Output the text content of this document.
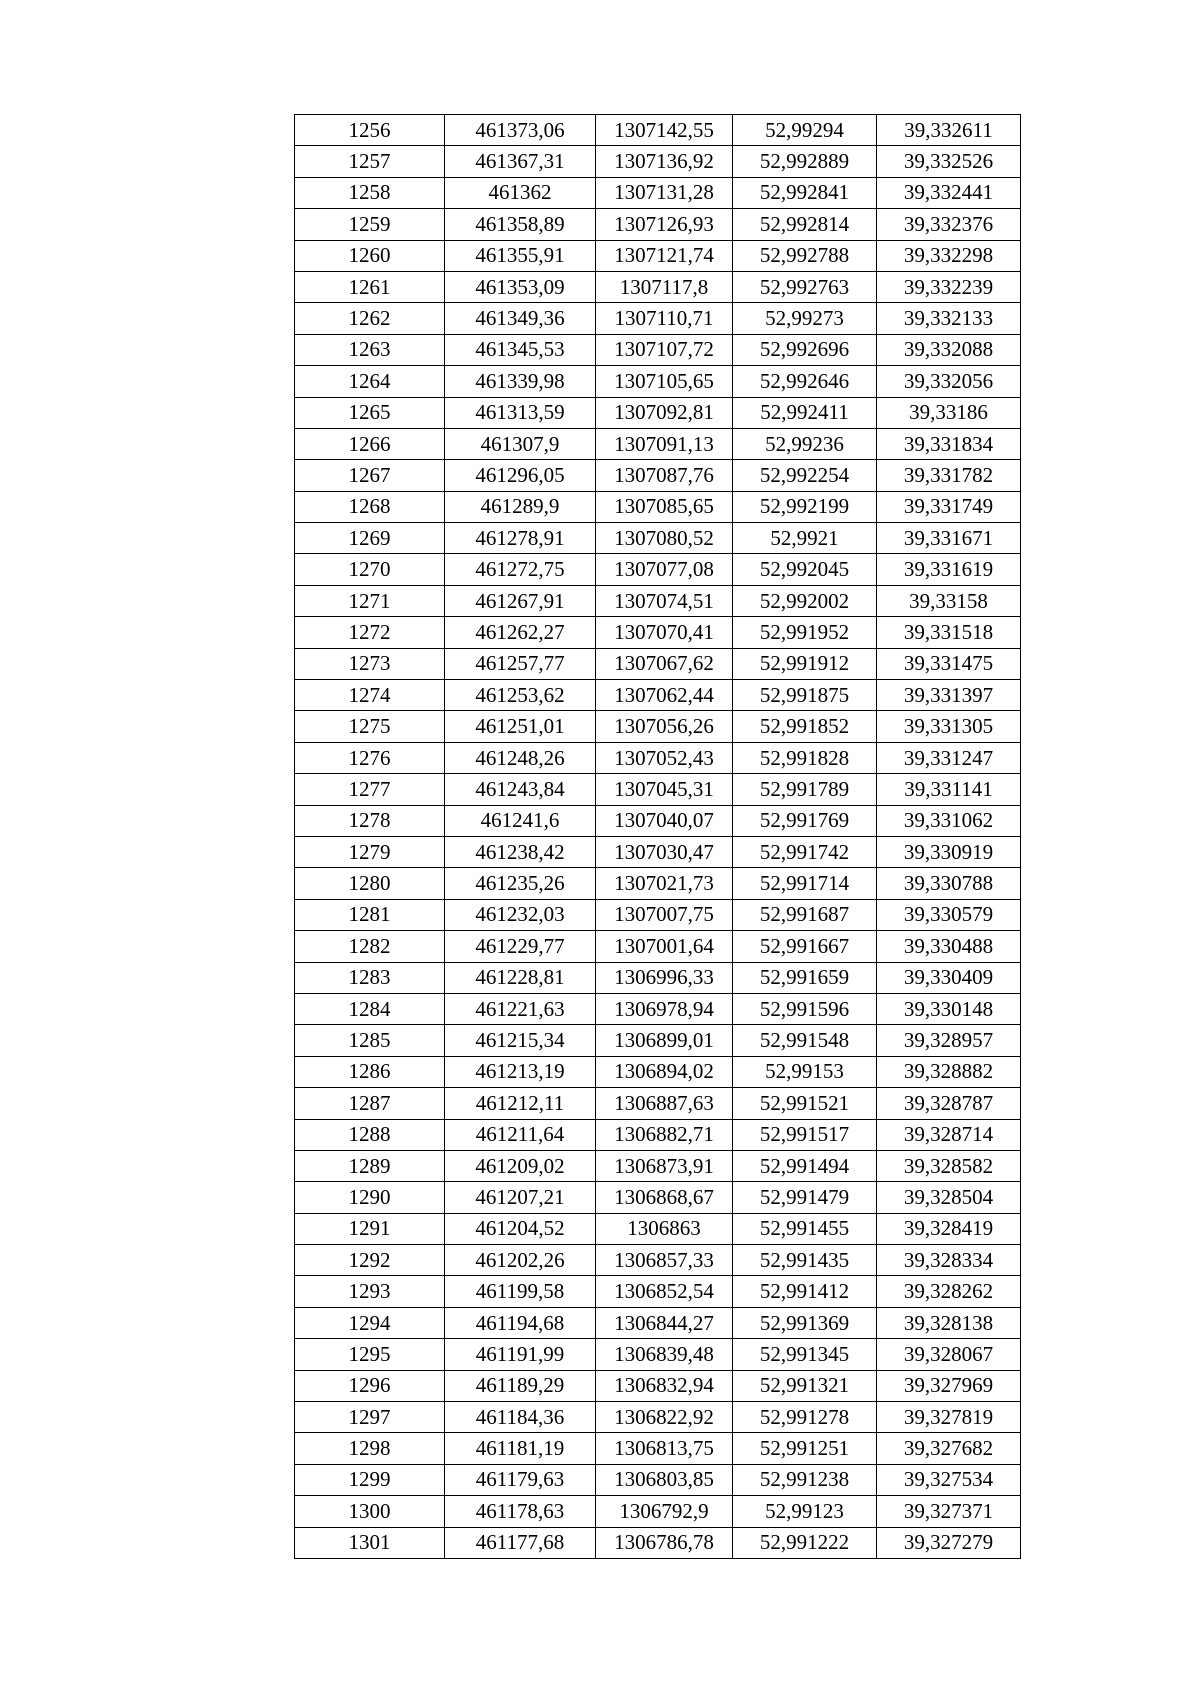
1256	461373,06	1307142,55	52,99294	39,332611
1257	461367,31	1307136,92	52,992889	39,332526
1258	461362	1307131,28	52,992841	39,332441
1259	461358,89	1307126,93	52,992814	39,332376
1260	461355,91	1307121,74	52,992788	39,332298
1261	461353,09	1307117,8	52,992763	39,332239
1262	461349,36	1307110,71	52,99273	39,332133
1263	461345,53	1307107,72	52,992696	39,332088
1264	461339,98	1307105,65	52,992646	39,332056
1265	461313,59	1307092,81	52,992411	39,33186
1266	461307,9	1307091,13	52,99236	39,331834
1267	461296,05	1307087,76	52,992254	39,331782
1268	461289,9	1307085,65	52,992199	39,331749
1269	461278,91	1307080,52	52,9921	39,331671
1270	461272,75	1307077,08	52,992045	39,331619
1271	461267,91	1307074,51	52,992002	39,33158
1272	461262,27	1307070,41	52,991952	39,331518
1273	461257,77	1307067,62	52,991912	39,331475
1274	461253,62	1307062,44	52,991875	39,331397
1275	461251,01	1307056,26	52,991852	39,331305
1276	461248,26	1307052,43	52,991828	39,331247
1277	461243,84	1307045,31	52,991789	39,331141
1278	461241,6	1307040,07	52,991769	39,331062
1279	461238,42	1307030,47	52,991742	39,330919
1280	461235,26	1307021,73	52,991714	39,330788
1281	461232,03	1307007,75	52,991687	39,330579
1282	461229,77	1307001,64	52,991667	39,330488
1283	461228,81	1306996,33	52,991659	39,330409
1284	461221,63	1306978,94	52,991596	39,330148
1285	461215,34	1306899,01	52,991548	39,328957
1286	461213,19	1306894,02	52,99153	39,328882
1287	461212,11	1306887,63	52,991521	39,328787
1288	461211,64	1306882,71	52,991517	39,328714
1289	461209,02	1306873,91	52,991494	39,328582
1290	461207,21	1306868,67	52,991479	39,328504
1291	461204,52	1306863	52,991455	39,328419
1292	461202,26	1306857,33	52,991435	39,328334
1293	461199,58	1306852,54	52,991412	39,328262
1294	461194,68	1306844,27	52,991369	39,328138
1295	461191,99	1306839,48	52,991345	39,328067
1296	461189,29	1306832,94	52,991321	39,327969
1297	461184,36	1306822,92	52,991278	39,327819
1298	461181,19	1306813,75	52,991251	39,327682
1299	461179,63	1306803,85	52,991238	39,327534
1300	461178,63	1306792,9	52,99123	39,327371
1301	461177,68	1306786,78	52,991222	39,327279
